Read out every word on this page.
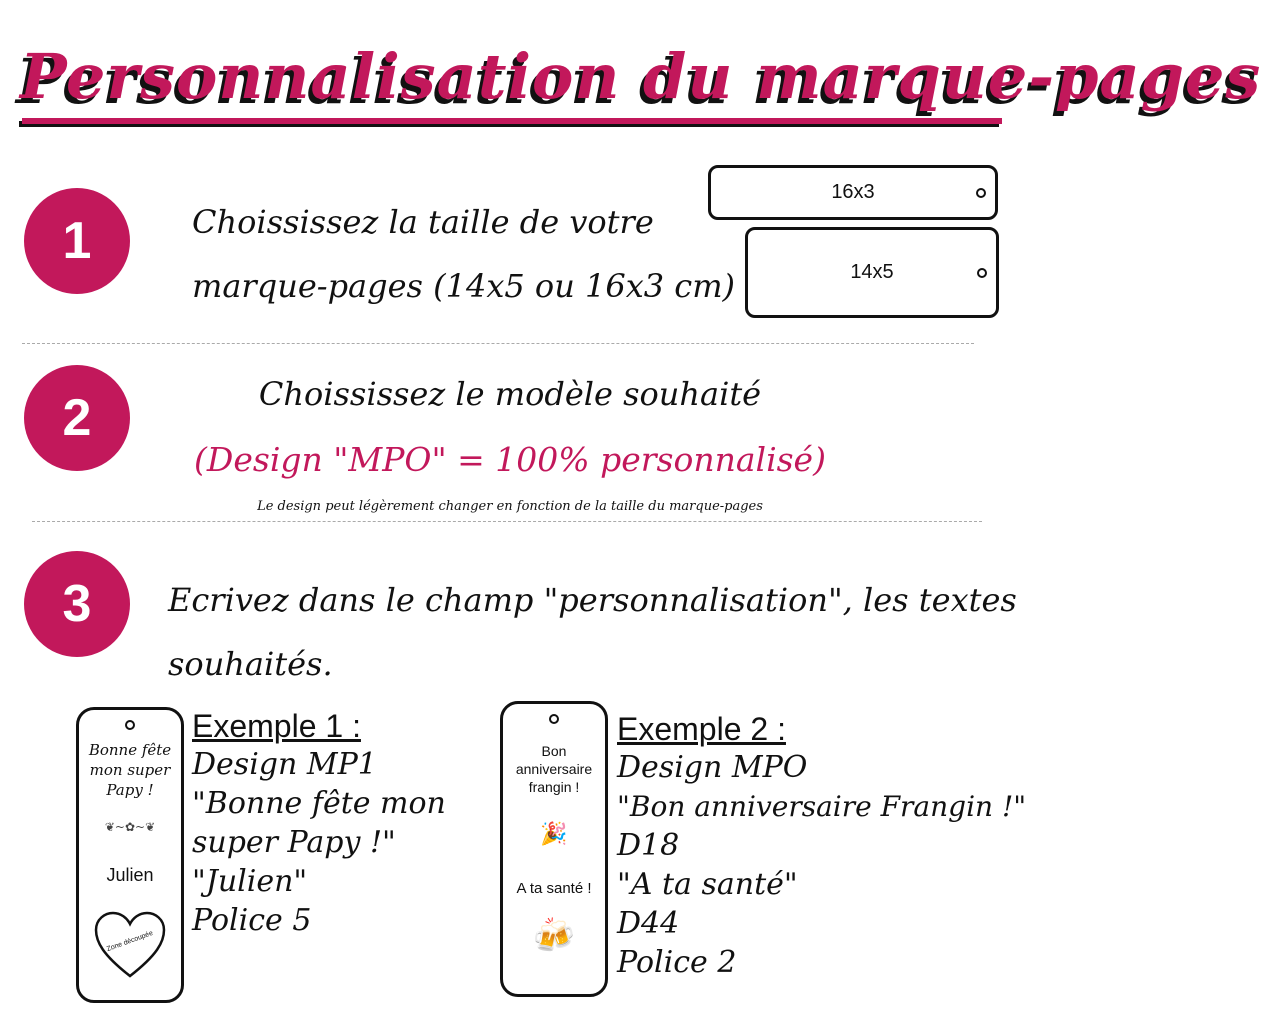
Personnalisation du marque-pages
1	Choississez la taille de votre
marque-pages (14x5 ou 16x3 cm)
16x3
14x5
2	Choississez le modèle souhaité
(Design "MPO" = 100% personnalisé)
Le design peut légèrement changer en fonction de la taille du marque-pages
3	Ecrivez dans le champ "personnalisation", les textes
souhaités.
Bonne fête mon super Papy !
❦~✿~❦
Julien
Zone découpée
Exemple 1 :
Design MP1
"Bonne fête mon
super Papy !"
"Julien"
Police 5
Bon anniversaire frangin !
🎉
A ta santé !
🍻
Exemple 2 :
Design MPO
"Bon anniversaire Frangin !"
D18
"A ta santé"
D44
Police 2
